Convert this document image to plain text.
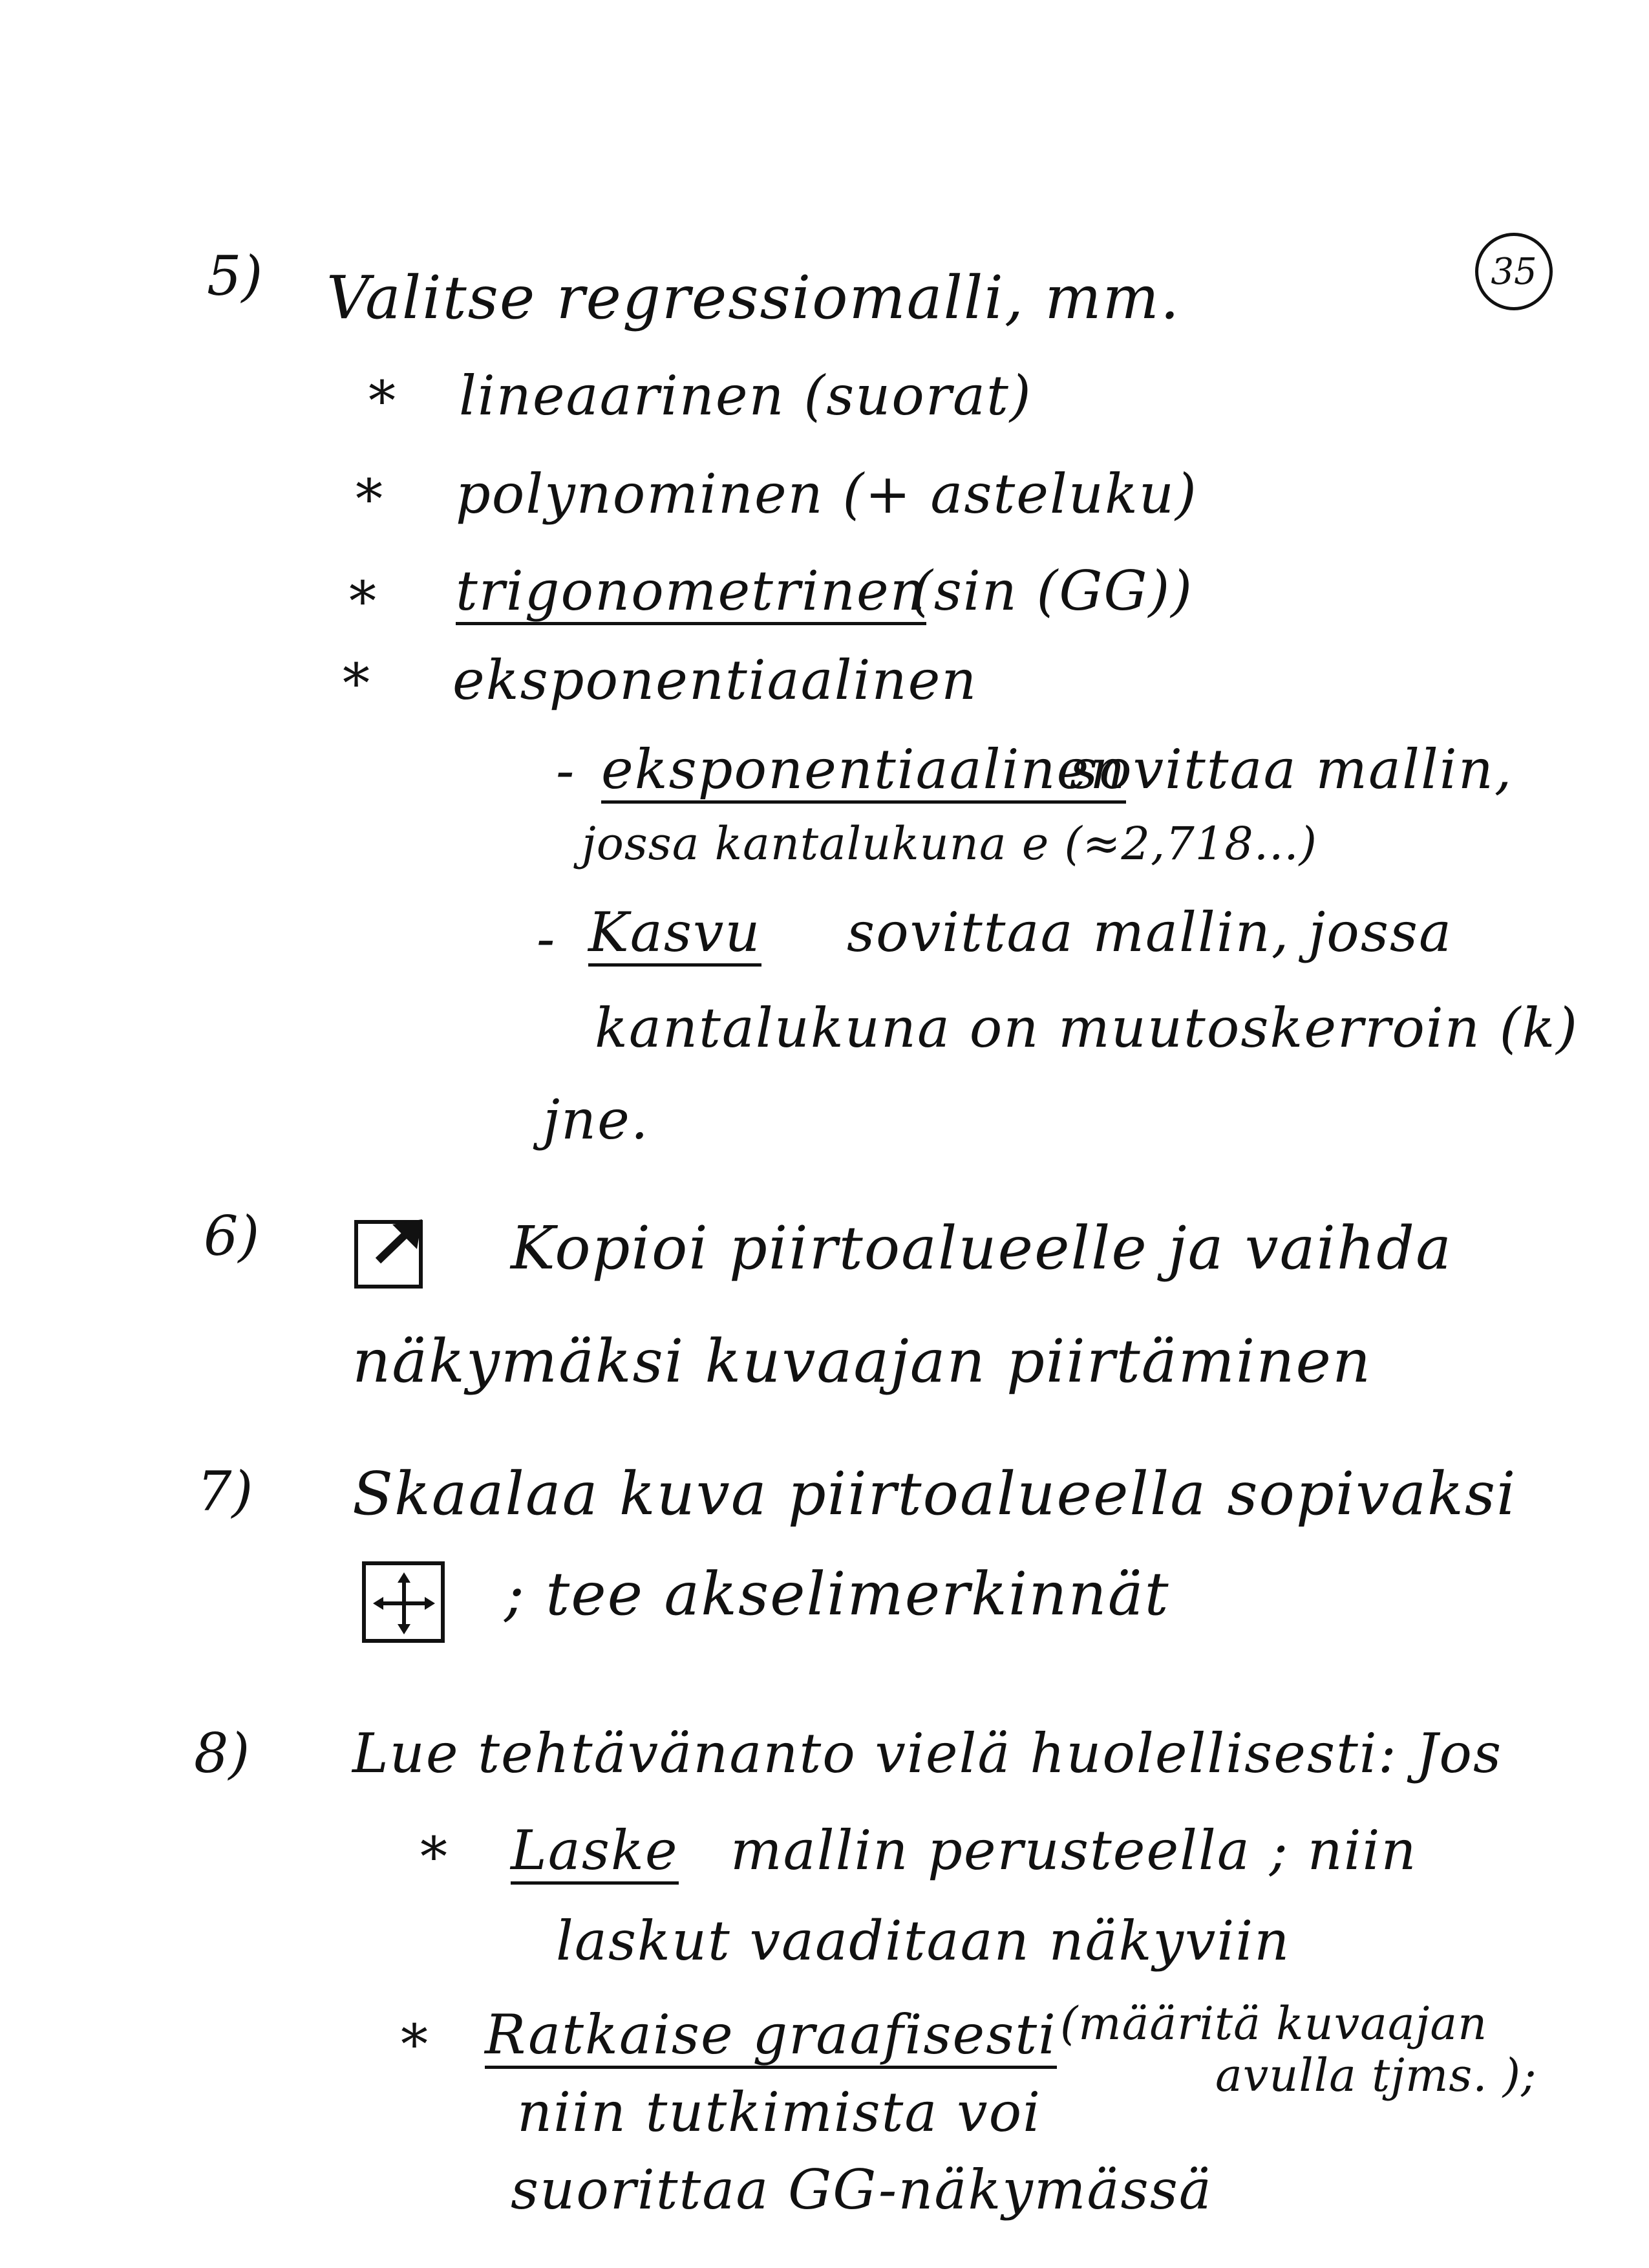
35
5) Valitse regressiomalli, mm.
* lineaarinen (suorat)
* polynominen (+ asteluku)
* trigonometrinen
(sin (GG))
* eksponentiaalinen
- eksponentiaalinen
sovittaa mallin,
jossa kantalukuna e (≈2,718...)
- Kasvu sovittaa mallin, jossa
kantalukuna on muutoskerroin (k)
jne.
6)	Kopioi piirtoalueelle ja vaihda
näkymäksi kuvaajan piirtäminen
7) Skaalaa kuva piirtoalueella sopivaksi
; tee akselimerkinnät
8) Lue tehtävänanto vielä huolellisesti: Jos
* Laske mallin perusteella ; niin
laskut vaaditaan näkyviin
* Ratkaise graafisesti (määritä kuvaajan
avulla tjms. );
niin tutkimista voi
suorittaa GG-näkymässä
